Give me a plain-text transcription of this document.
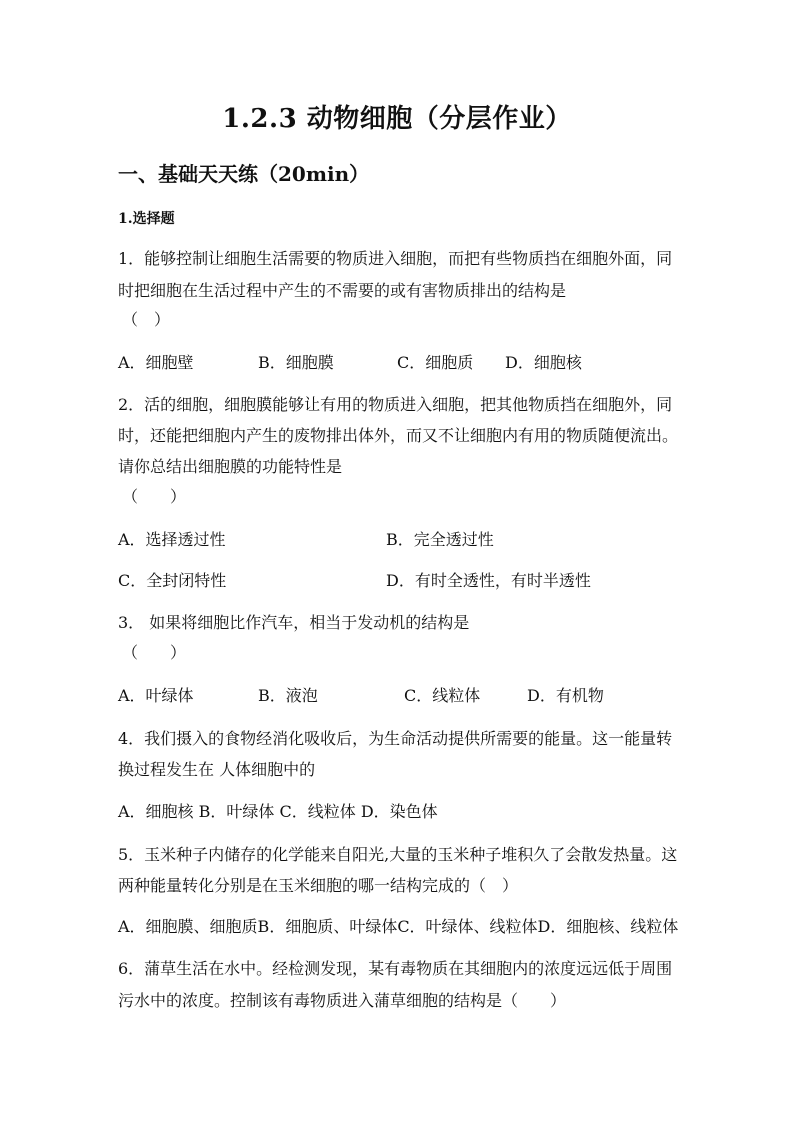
1.2.3 动物细胞（分层作业）
一、基础天天练（20min）
1.选择题
1．能够控制让细胞生活需要的物质进入细胞，而把有些物质挡在细胞外面，同
时把细胞在生活过程中产生的不需要的或有害物质排出的结构是
（　）
A．细胞壁	B．细胞膜	C．细胞质 D．细胞核
2．活的细胞，细胞膜能够让有用的物质进入细胞，把其他物质挡在细胞外，同
时，还能把细胞内产生的废物排出体外，而又不让细胞内有用的物质随便流出。
请你总结出细胞膜的功能特性是
（　　）
A．选择透过性	B．完全透过性
C．全封闭特性	D．有时全透性，有时半透性
3． 如果将细胞比作汽车，相当于发动机的结构是
（　　）
A．叶绿体	B．液泡	C．线粒体	D．有机物
4．我们摄入的食物经消化吸收后，为生命活动提供所需要的能量。这一能量转
换过程发生在 人体细胞中的
A．细胞核 B．叶绿体 C．线粒体 D．染色体
5．玉米种子内储存的化学能来自阳光,大量的玉米种子堆积久了会散发热量。这
两种能量转化分别是在玉米细胞的哪一结构完成的（　）
A．细胞膜、细胞质B．细胞质、叶绿体C．叶绿体、线粒体D．细胞核、线粒体
6．蒲草生活在水中。经检测发现，某有毒物质在其细胞内的浓度远远低于周围
污水中的浓度。控制该有毒物质进入蒲草细胞的结构是（　　）
